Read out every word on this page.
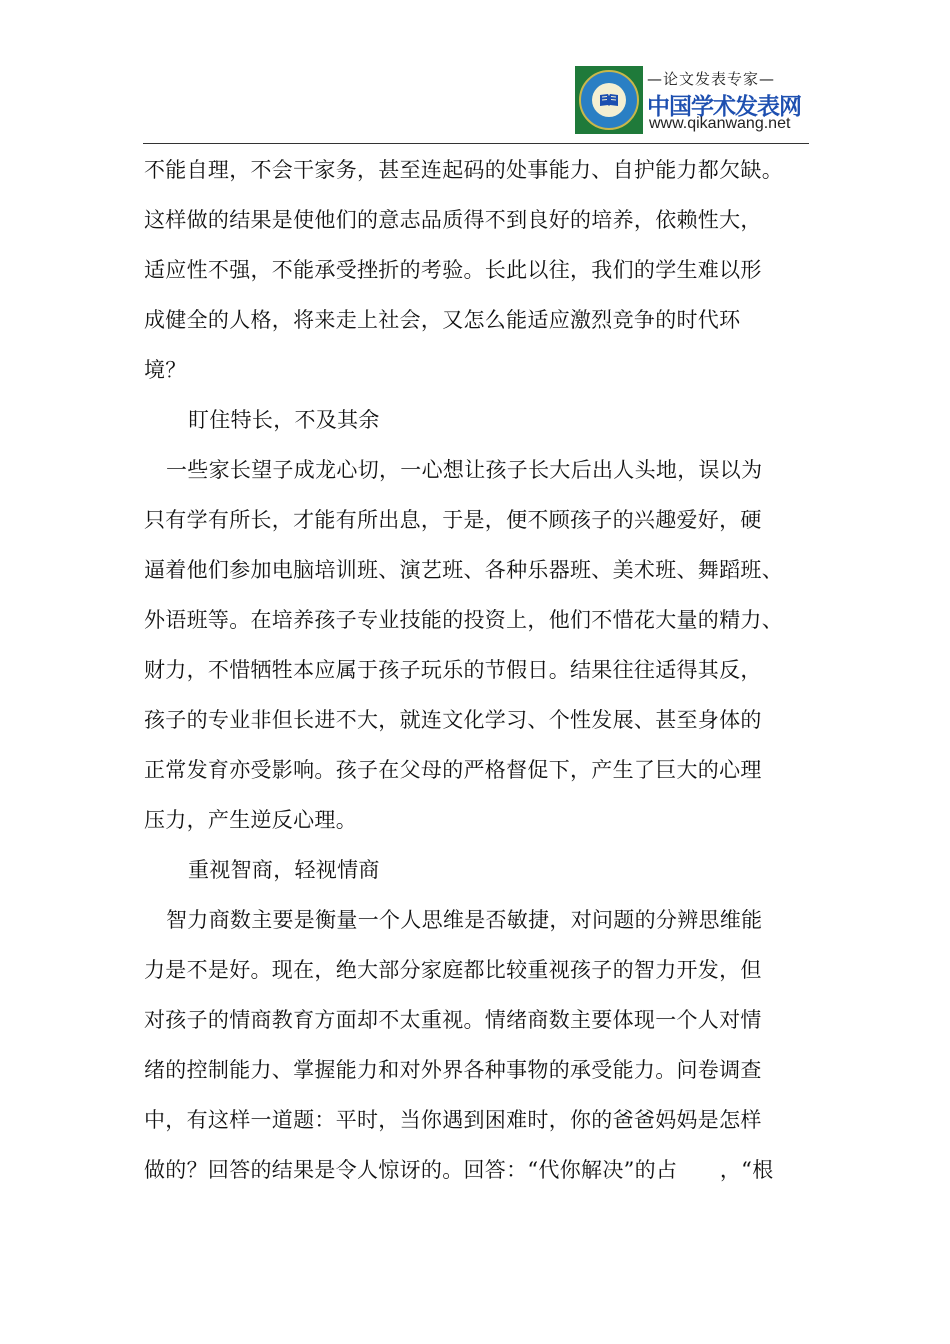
—论文发表专家—
中国学术发表网
www.qikanwang.net
不能自理，不会干家务，甚至连起码的处事能力、自护能力都欠缺。
这样做的结果是使他们的意志品质得不到良好的培养，依赖性大，
适应性不强，不能承受挫折的考验。长此以往，我们的学生难以形
成健全的人格，将来走上社会，又怎么能适应激烈竞争的时代环
境？
盯住特长，不及其余
一些家长望子成龙心切，一心想让孩子长大后出人头地，误以为
只有学有所长，才能有所出息，于是，便不顾孩子的兴趣爱好，硬
逼着他们参加电脑培训班、演艺班、各种乐器班、美术班、舞蹈班、
外语班等。在培养孩子专业技能的投资上，他们不惜花大量的精力、
财力，不惜牺牲本应属于孩子玩乐的节假日。结果往往适得其反，
孩子的专业非但长进不大，就连文化学习、个性发展、甚至身体的
正常发育亦受影响。孩子在父母的严格督促下，产生了巨大的心理
压力，产生逆反心理。
重视智商，轻视情商
智力商数主要是衡量一个人思维是否敏捷，对问题的分辨思维能
力是不是好。现在，绝大部分家庭都比较重视孩子的智力开发，但
对孩子的情商教育方面却不太重视。情绪商数主要体现一个人对情
绪的控制能力、掌握能力和对外界各种事物的承受能力。问卷调查
中，有这样一道题：平时，当你遇到困难时，你的爸爸妈妈是怎样
做的？回答的结果是令人惊讶的。回答：“代你解决”的占　　，“根
